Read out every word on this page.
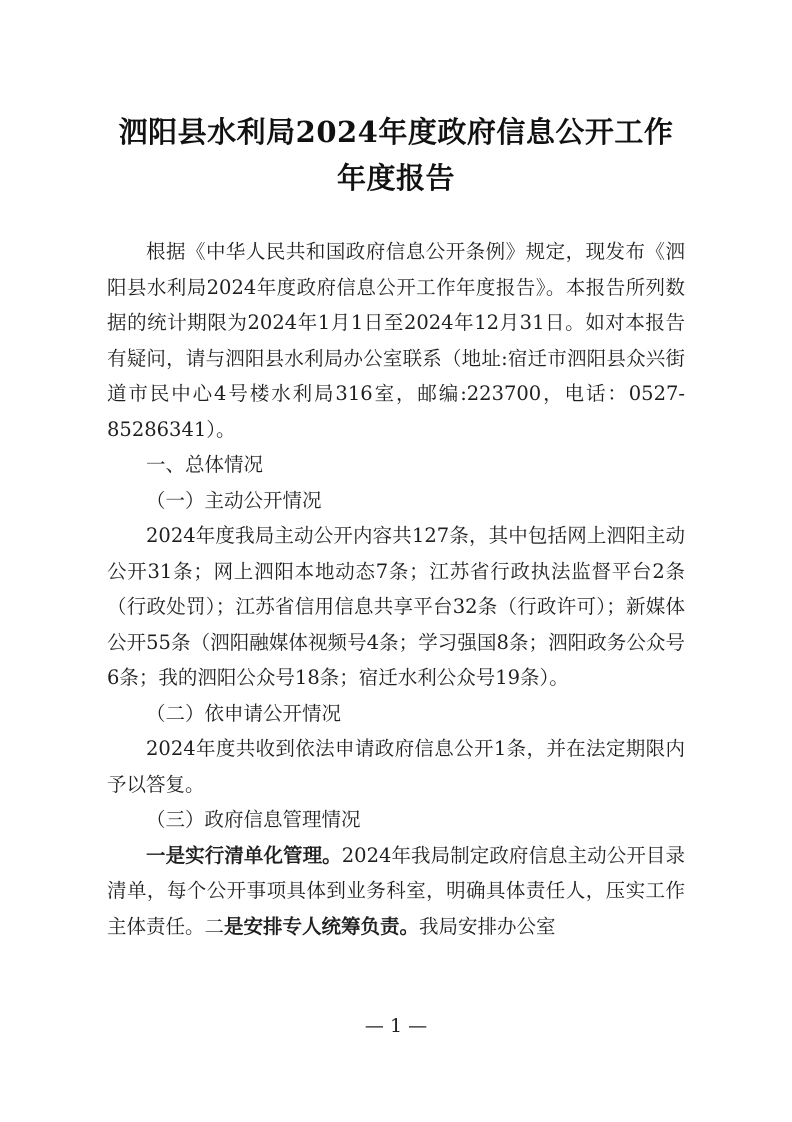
泗阳县水利局2024年度政府信息公开工作
年度报告

根据《中华人民共和国政府信息公开条例》规定，现发布《泗阳县水利局2024年度政府信息公开工作年度报告》。本报告所列数据的统计期限为2024年1月1日至2024年12月31日。如对本报告有疑问，请与泗阳县水利局办公室联系（地址:宿迁市泗阳县众兴街道市民中心4号楼水利局316室，邮编:223700，电话：0527-85286341）。

一、总体情况

（一）主动公开情况

2024年度我局主动公开内容共127条，其中包括网上泗阳主动公开31条；网上泗阳本地动态7条；江苏省行政执法监督平台2条（行政处罚）；江苏省信用信息共享平台32条（行政许可）；新媒体公开55条（泗阳融媒体视频号4条；学习强国8条；泗阳政务公众号6条；我的泗阳公众号18条；宿迁水利公众号19条）。

（二）依申请公开情况

2024年度共收到依法申请政府信息公开1条，并在法定期限内予以答复。

（三）政府信息管理情况

一是实行清单化管理。2024年我局制定政府信息主动公开目录清单，每个公开事项具体到业务科室，明确具体责任人，压实工作主体责任。二是安排专人统筹负责。我局安排办公室

— 1 —
